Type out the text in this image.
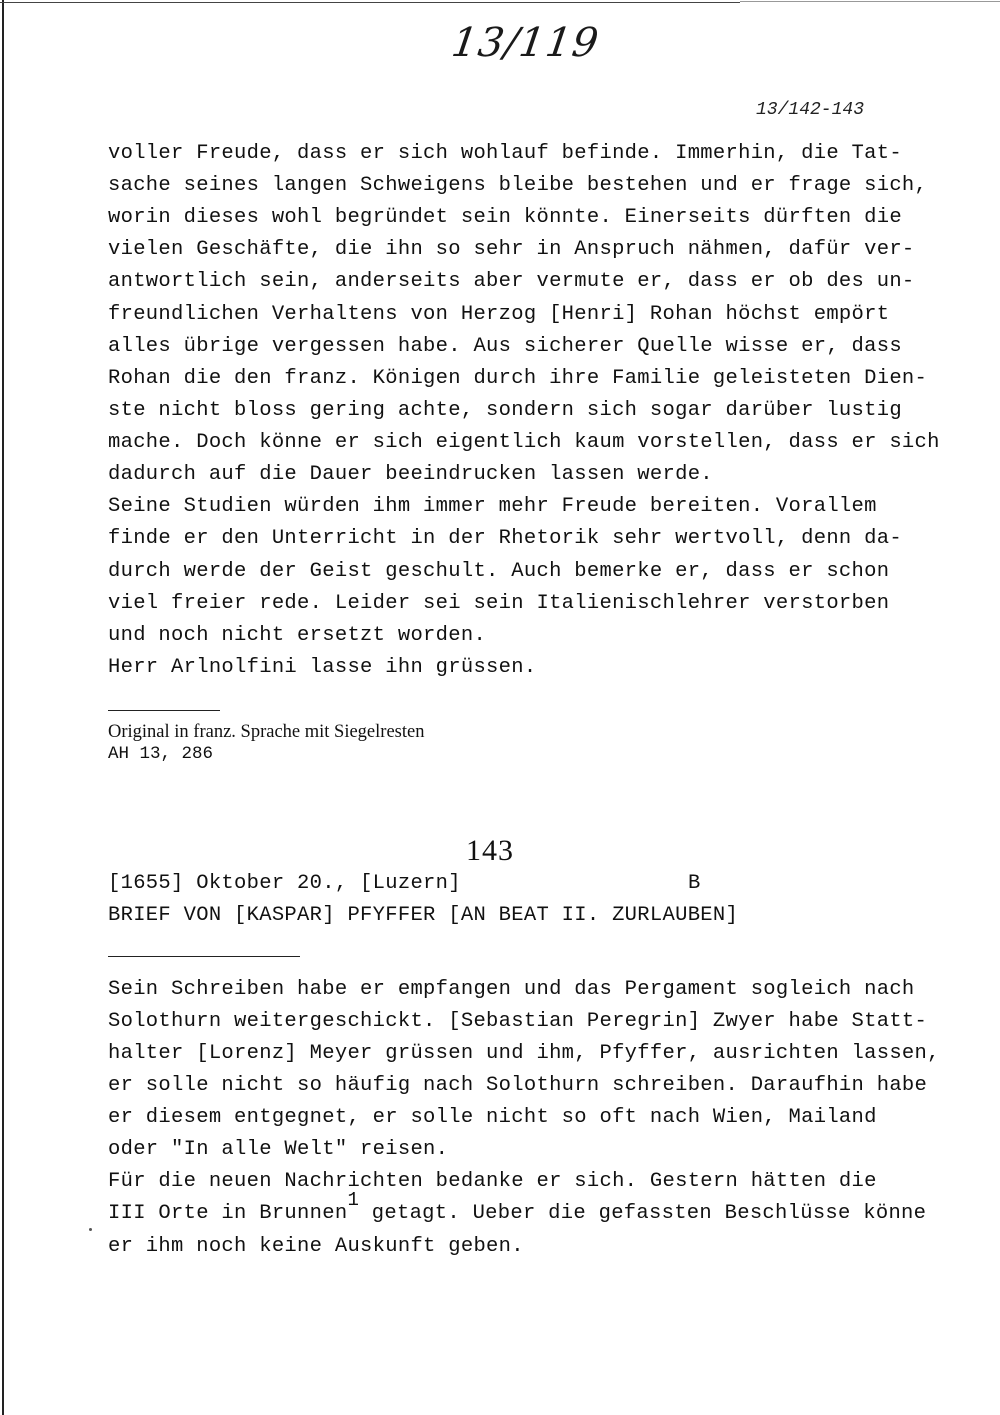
13/119
13/142-143
voller Freude, dass er sich wohlauf befinde. Immerhin, die Tat-
sache seines langen Schweigens bleibe bestehen und er frage sich,
worin dieses wohl begründet sein könnte. Einerseits dürften die
vielen Geschäfte, die ihn so sehr in Anspruch nähmen, dafür ver-
antwortlich sein, anderseits aber vermute er, dass er ob des un-
freundlichen Verhaltens von Herzog [Henri] Rohan höchst empört
alles übrige vergessen habe. Aus sicherer Quelle wisse er, dass
Rohan die den franz. Königen durch ihre Familie geleisteten Dien-
ste nicht bloss gering achte, sondern sich sogar darüber lustig
mache. Doch könne er sich eigentlich kaum vorstellen, dass er sich
dadurch auf die Dauer beeindrucken lassen werde.
Seine Studien würden ihm immer mehr Freude bereiten. Vorallem
finde er den Unterricht in der Rhetorik sehr wertvoll, denn da-
durch werde der Geist geschult. Auch bemerke er, dass er schon
viel freier rede. Leider sei sein Italienischlehrer verstorben
und noch nicht ersetzt worden.
Herr Arlnolfini lasse ihn grüssen.
Original in franz. Sprache mit Siegelresten
AH 13, 286
143
[1655] Oktober 20., [Luzern]	B
BRIEF VON [KASPAR] PFYFFER [AN BEAT II. ZURLAUBEN]
Sein Schreiben habe er empfangen und das Pergament sogleich nach
Solothurn weitergeschickt. [Sebastian Peregrin] Zwyer habe Statt-
halter [Lorenz] Meyer grüssen und ihm, Pfyffer, ausrichten lassen,
er solle nicht so häufig nach Solothurn schreiben. Daraufhin habe
er diesem entgegnet, er solle nicht so oft nach Wien, Mailand
oder "In alle Welt" reisen.
Für die neuen Nachrichten bedanke er sich. Gestern hätten die
III Orte in Brunnen1 getagt. Ueber die gefassten Beschlüsse könne
er ihm noch keine Auskunft geben.
